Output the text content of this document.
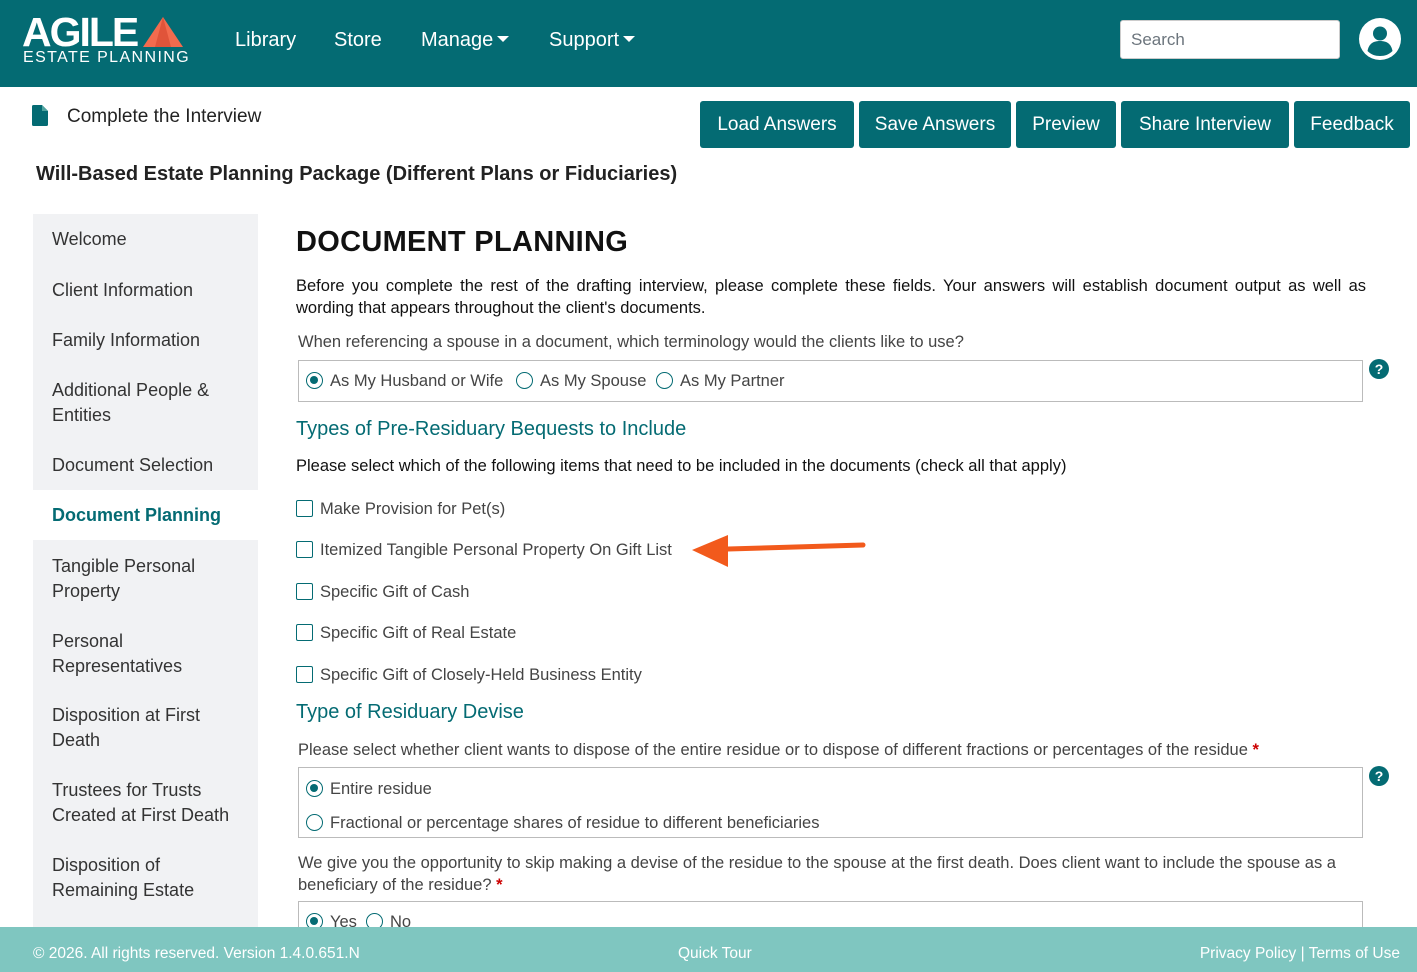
AGILE
ESTATE PLANNING
Library Store Manage	Support
Search
Complete the Interview	Load Answers	Save Answers	Preview	Share Interview	Feedback
Will-Based Estate Planning Package (Different Plans or Fiduciaries)
Welcome
Client Information
Family Information
Additional People & Entities
Document Selection
Document Planning
Tangible Personal Property
Personal Representatives
Disposition at First Death
Trustees for Trusts Created at First Death
Disposition of Remaining Estate
DOCUMENT PLANNING
Before you complete the rest of the drafting interview, please complete these fields. Your answers will establish document output as well as wording that appears throughout the client's documents.
When referencing a spouse in a document, which terminology would the clients like to use?
As My Husband or Wife As My Spouse As My Partner
?
Types of Pre-Residuary Bequests to Include
Please select which of the following items that need to be included in the documents (check all that apply)
Make Provision for Pet(s)
Itemized Tangible Personal Property On Gift List
Specific Gift of Cash
Specific Gift of Real Estate
Specific Gift of Closely-Held Business Entity
Type of Residuary Devise
Please select whether client wants to dispose of the entire residue or to dispose of different fractions or percentages of the residue *
Entire residue
Fractional or percentage shares of residue to different beneficiaries
?
We give you the opportunity to skip making a devise of the residue to the spouse at the first death. Does client want to include the spouse as a beneficiary of the residue? *
Yes No
© 2026. All rights reserved. Version 1.4.0.651.N	Quick Tour	Privacy Policy | Terms of Use
